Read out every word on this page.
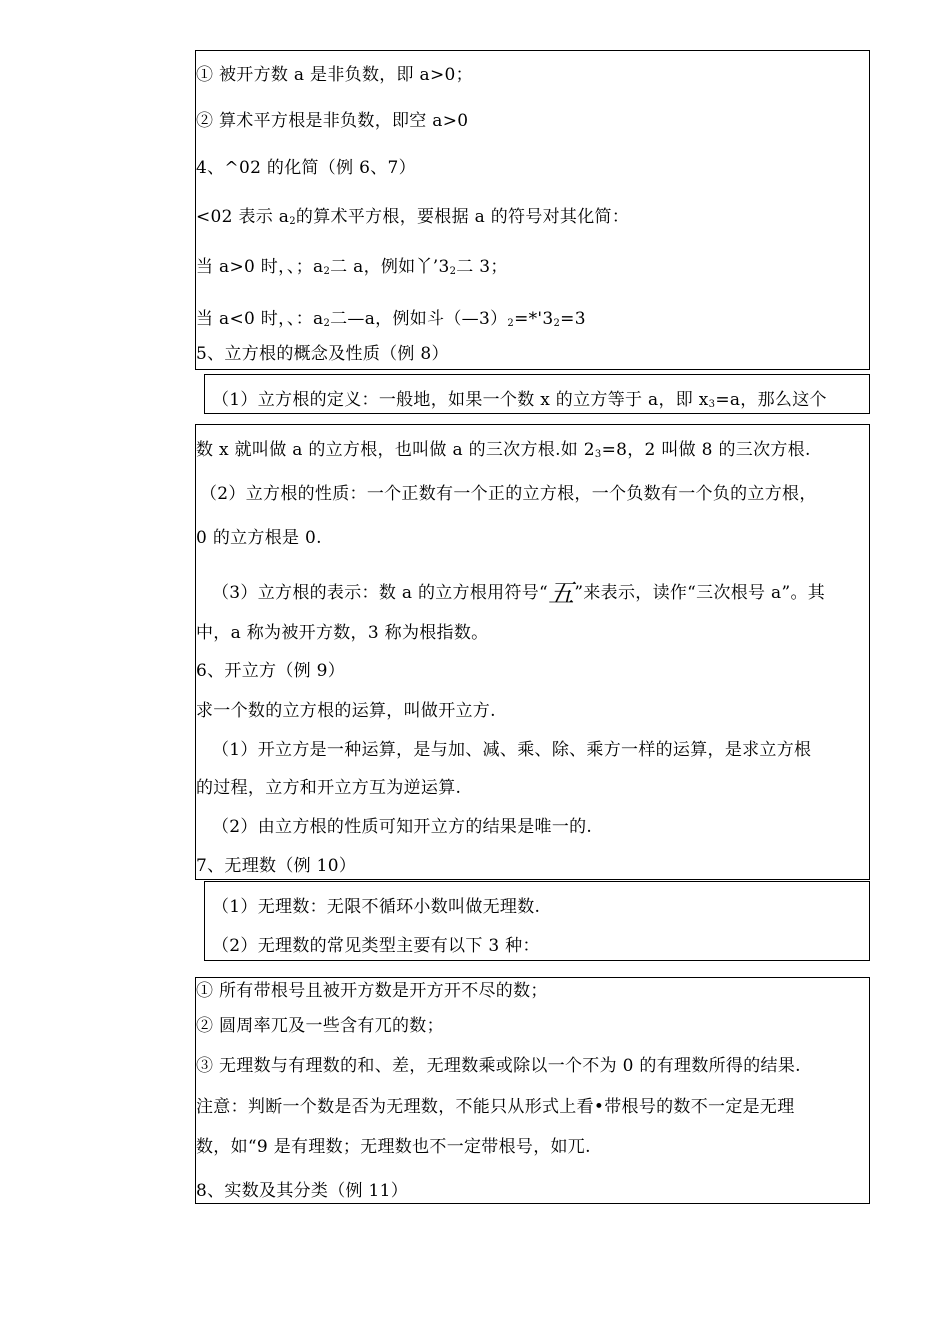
① 被开方数 a 是非负数，即 a>0；
② 算术平方根是非负数，即空 a>0
4、^02 的化简（例 6、7）
<02 表示 $a_2$的算术平方根，要根据 a 的符号对其化简：
当 a>0 时，、；$a_2$二 a，例如丫$’3_2$二 3；
当 a<0 时，、：$a_2$二—a，例如斗$(—3)_2=*'3_2=3$
5、立方根的概念及性质（例 8）
（1）立方根的定义：一般地，如果一个数 x 的立方等于 a，即 $x_3=a$，那么这个
数 x 就叫做 a 的立方根，也叫做 a 的三次方根.如 $2_3=8$，2 叫做 8 的三次方根.
（2）立方根的性质：一个正数有一个正的立方根，一个负数有一个负的立方根，
0 的立方根是 0.
（3）立方根的表示：数 a 的立方根用符号“五”来表示，读作“三次根号 a”。其
中，a 称为被开方数，3 称为根指数。
6、开立方（例 9）
求一个数的立方根的运算，叫做开立方.
（1）开立方是一种运算，是与加、减、乘、除、乘方一样的运算，是求立方根
的过程，立方和开立方互为逆运算.
（2）由立方根的性质可知开立方的结果是唯一的.
7、无理数（例 10）
（1）无理数：无限不循环小数叫做无理数.
（2）无理数的常见类型主要有以下 3 种：
① 所有带根号且被开方数是开方开不尽的数；
② 圆周率兀及一些含有兀的数；
③ 无理数与有理数的和、差，无理数乘或除以一个不为 0 的有理数所得的结果.
注意：判断一个数是否为无理数，不能只从形式上看•带根号的数不一定是无理
数，如“9 是有理数；无理数也不一定带根号，如兀.
8、实数及其分类（例 11）
